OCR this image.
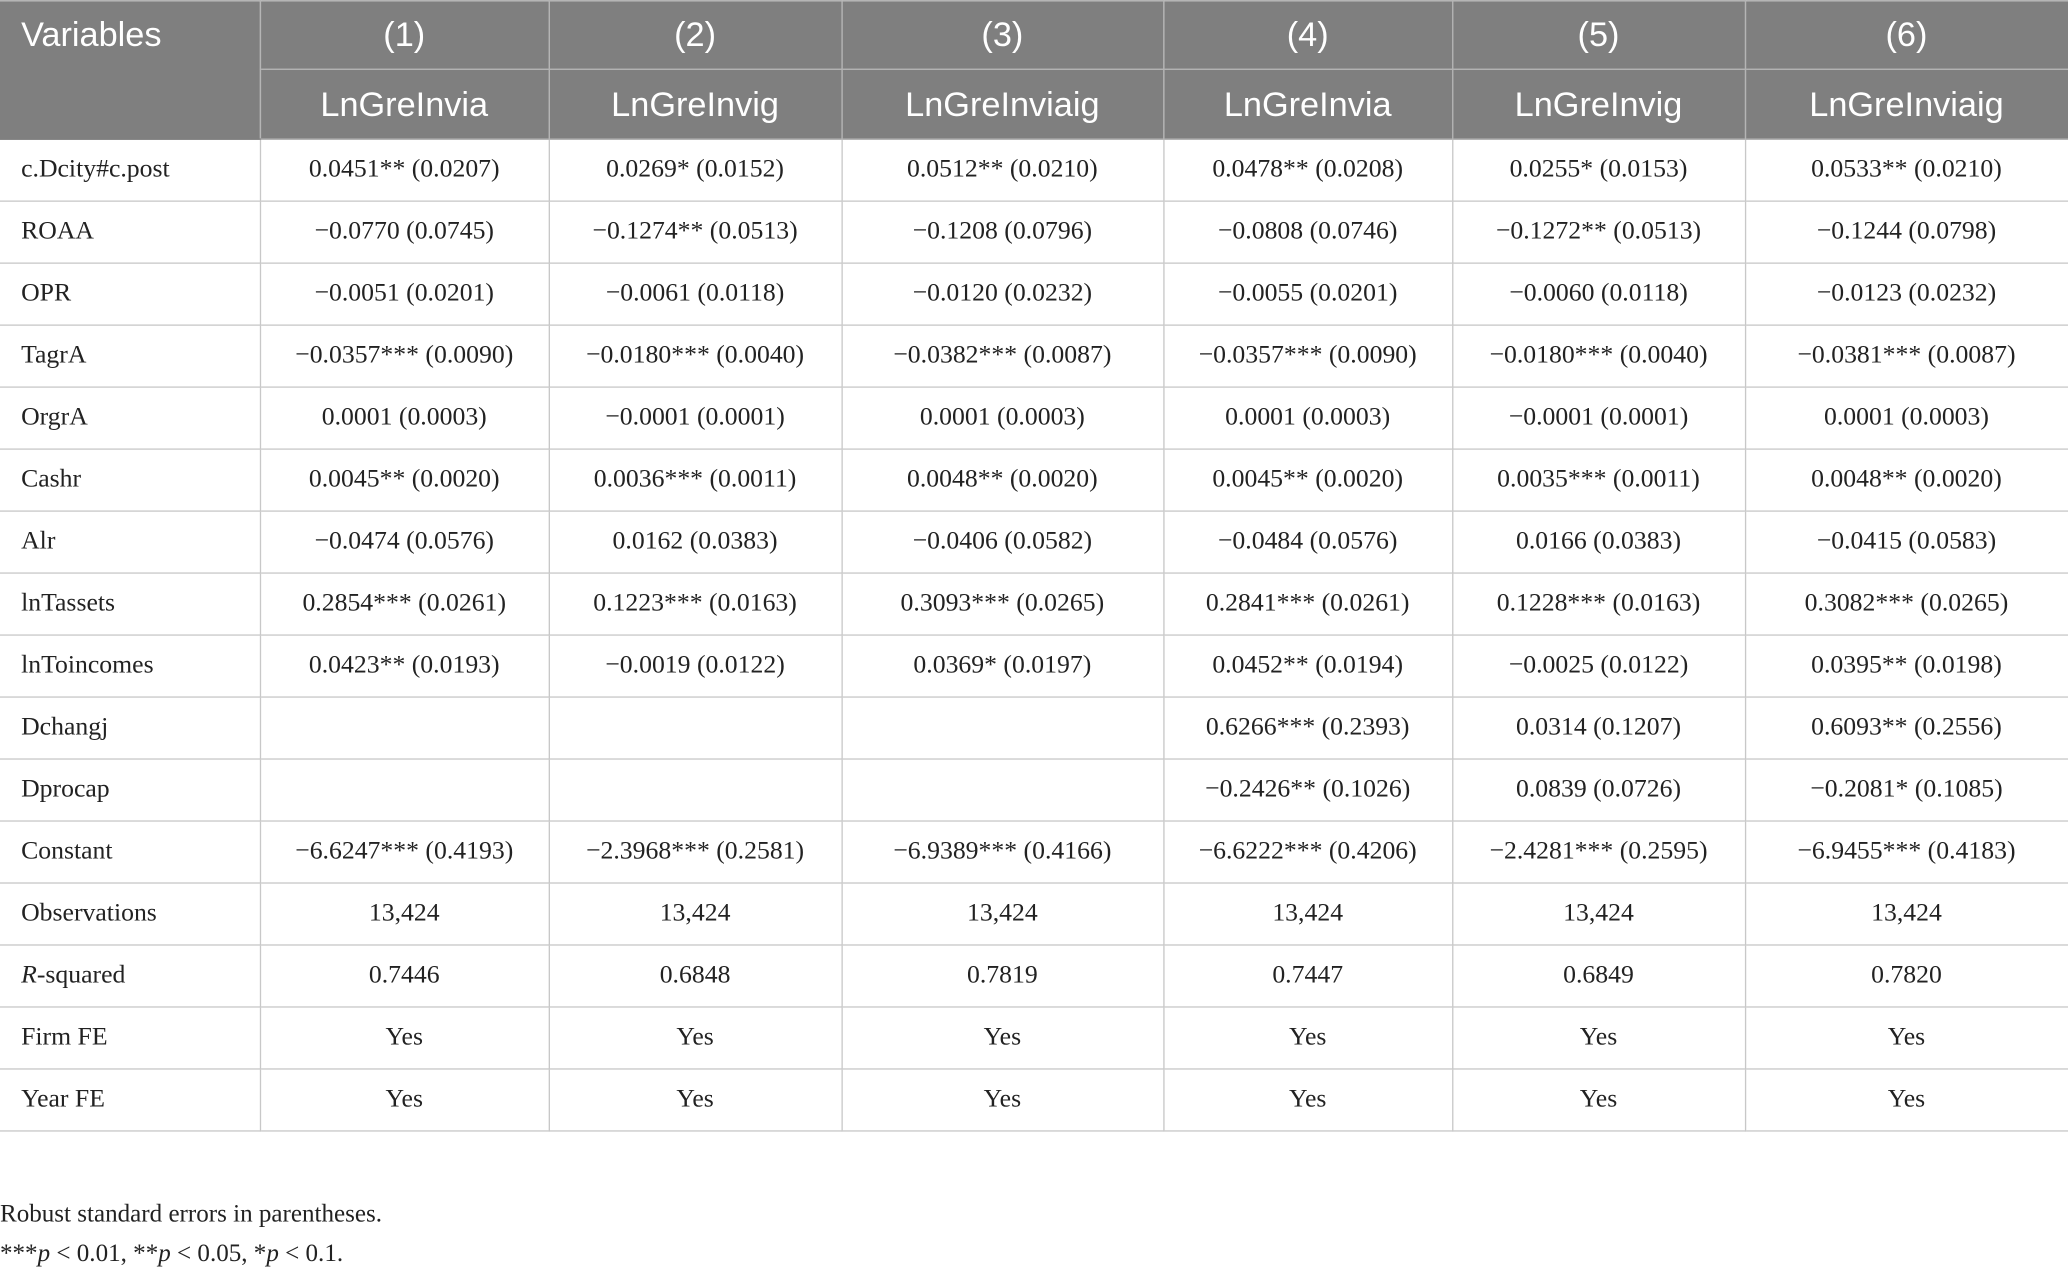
Variables	(1)	(2)	(3)	(4)	(5)	(6)
	LnGreInvia	LnGreInvig	LnGreInviaig	LnGreInvia	LnGreInvig	LnGreInviaig
c.Dcity#c.post	0.0451** (0.0207)	0.0269* (0.0152)	0.0512** (0.0210)	0.0478** (0.0208)	0.0255* (0.0153)	0.0533** (0.0210)
ROAA	−0.0770 (0.0745)	−0.1274** (0.0513)	−0.1208 (0.0796)	−0.0808 (0.0746)	−0.1272** (0.0513)	−0.1244 (0.0798)
OPR	−0.0051 (0.0201)	−0.0061 (0.0118)	−0.0120 (0.0232)	−0.0055 (0.0201)	−0.0060 (0.0118)	−0.0123 (0.0232)
TagrA	−0.0357*** (0.0090)	−0.0180*** (0.0040)	−0.0382*** (0.0087)	−0.0357*** (0.0090)	−0.0180*** (0.0040)	−0.0381*** (0.0087)
OrgrA	0.0001 (0.0003)	−0.0001 (0.0001)	0.0001 (0.0003)	0.0001 (0.0003)	−0.0001 (0.0001)	0.0001 (0.0003)
Cashr	0.0045** (0.0020)	0.0036*** (0.0011)	0.0048** (0.0020)	0.0045** (0.0020)	0.0035*** (0.0011)	0.0048** (0.0020)
Alr	−0.0474 (0.0576)	0.0162 (0.0383)	−0.0406 (0.0582)	−0.0484 (0.0576)	0.0166 (0.0383)	−0.0415 (0.0583)
lnTassets	0.2854*** (0.0261)	0.1223*** (0.0163)	0.3093*** (0.0265)	0.2841*** (0.0261)	0.1228*** (0.0163)	0.3082*** (0.0265)
lnToincomes	0.0423** (0.0193)	−0.0019 (0.0122)	0.0369* (0.0197)	0.0452** (0.0194)	−0.0025 (0.0122)	0.0395** (0.0198)
Dchangj				0.6266*** (0.2393)	0.0314 (0.1207)	0.6093** (0.2556)
Dprocap				−0.2426** (0.1026)	0.0839 (0.0726)	−0.2081* (0.1085)
Constant	−6.6247*** (0.4193)	−2.3968*** (0.2581)	−6.9389*** (0.4166)	−6.6222*** (0.4206)	−2.4281*** (0.2595)	−6.9455*** (0.4183)
Observations	13,424	13,424	13,424	13,424	13,424	13,424
R-squared	0.7446	0.6848	0.7819	0.7447	0.6849	0.7820
Firm FE	Yes	Yes	Yes	Yes	Yes	Yes
Year FE	Yes	Yes	Yes	Yes	Yes	Yes
Robust standard errors in parentheses.
***p < 0.01, **p < 0.05, *p < 0.1.
